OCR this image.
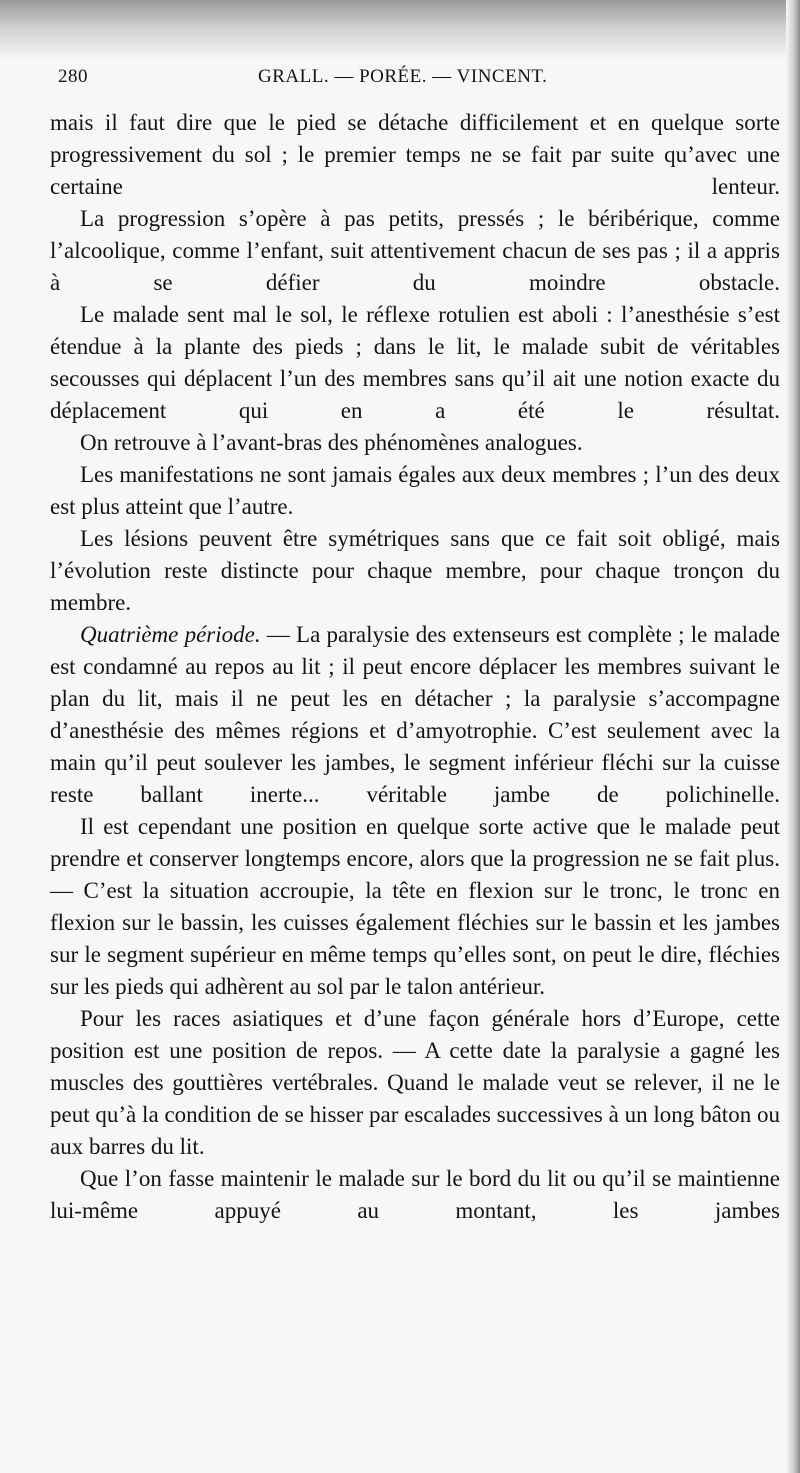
280	GRALL. — PORÉE. — VINCENT.

mais il faut dire que le pied se détache difficilement et en quelque sorte progressivement du sol ; le premier temps ne se fait par suite qu’avec une certaine lenteur.

La progression s’opère à pas petits, pressés ; le béribérique, comme l’alcoolique, comme l’enfant, suit attentivement chacun de ses pas ; il a appris à se défier du moindre obstacle.

Le malade sent mal le sol, le réflexe rotulien est aboli : l’anesthésie s’est étendue à la plante des pieds ; dans le lit, le malade subit de véritables secousses qui déplacent l’un des membres sans qu’il ait une notion exacte du déplacement qui en a été le résultat.

On retrouve à l’avant-bras des phénomènes analogues.

Les manifestations ne sont jamais égales aux deux membres ; l’un des deux est plus atteint que l’autre.

Les lésions peuvent être symétriques sans que ce fait soit obligé, mais l’évolution reste distincte pour chaque membre, pour chaque tronçon du membre.

Quatrième période. — La paralysie des extenseurs est complète ; le malade est condamné au repos au lit ; il peut encore déplacer les membres suivant le plan du lit, mais il ne peut les en détacher ; la paralysie s’accompagne d’anesthésie des mêmes régions et d’amyotrophie. C’est seulement avec la main qu’il peut soulever les jambes, le segment inférieur fléchi sur la cuisse reste ballant inerte... véritable jambe de polichinelle.

Il est cependant une position en quelque sorte active que le malade peut prendre et conserver longtemps encore, alors que la progression ne se fait plus. — C’est la situation accroupie, la tête en flexion sur le tronc, le tronc en flexion sur le bassin, les cuisses également fléchies sur le bassin et les jambes sur le segment supérieur en même temps qu’elles sont, on peut le dire, fléchies sur les pieds qui adhèrent au sol par le talon antérieur.

Pour les races asiatiques et d’une façon générale hors d’Europe, cette position est une position de repos. — A cette date la paralysie a gagné les muscles des gouttières vertébrales. Quand le malade veut se relever, il ne le peut qu’à la condition de se hisser par escalades successives à un long bâton ou aux barres du lit.

Que l’on fasse maintenir le malade sur le bord du lit ou qu’il se maintienne lui-même appuyé au montant, les jambes
